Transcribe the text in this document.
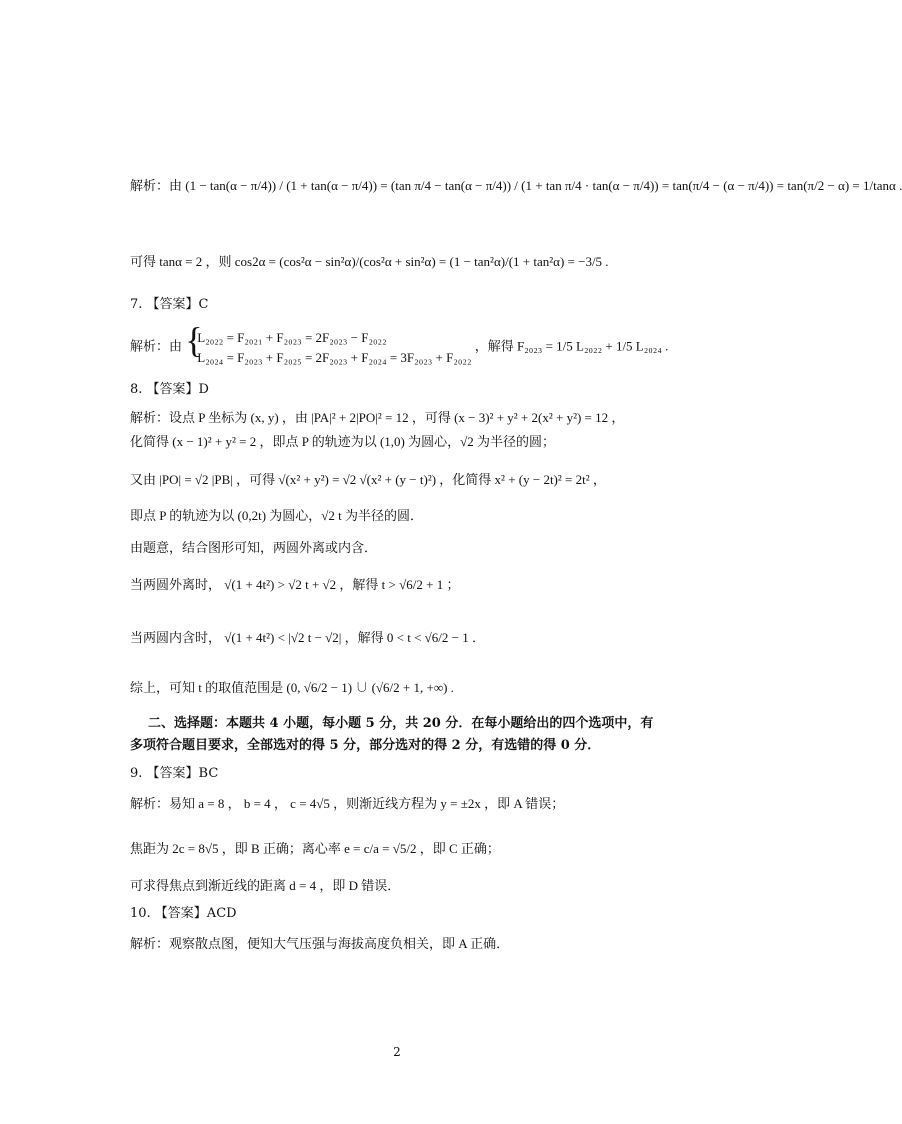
解析：由 (1 − tan(α − π/4)) / (1 + tan(α − π/4)) = (tan π/4 − tan(α − π/4)) / (1 + tan π/4 · tan(α − π/4)) = tan(π/4 − (α − π/4)) = tan(π/2 − α) = 1/tanα .
可得 tanα = 2 ，则 cos2α = (cos²α − sin²α)/(cos²α + sin²α) = (1 − tan²α)/(1 + tan²α) = −3/5 .
7. 【答案】C
解析：由
{ L₂₀₂₂ = F₂₀₂₁ + F₂₀₂₃ = 2F₂₀₂₃ − F₂₀₂₂
L₂₀₂₄ = F₂₀₂₃ + F₂₀₂₅ = 2F₂₀₂₃ + F₂₀₂₄ = 3F₂₀₂₃ + F₂₀₂₂
，解得 F₂₀₂₃ = 1/5 L₂₀₂₂ + 1/5 L₂₀₂₄ .
8. 【答案】D
解析：设点 P 坐标为 (x, y) ，由 |PA|² + 2|PO|² = 12 ，可得 (x − 3)² + y² + 2(x² + y²) = 12 ，
化简得 (x − 1)² + y² = 2 ，即点 P 的轨迹为以 (1,0) 为圆心，√2 为半径的圆；
又由 |PO| = √2 |PB| ，可得 √(x² + y²) = √2 √(x² + (y − t)²) ，化简得 x² + (y − 2t)² = 2t² ，
即点 P 的轨迹为以 (0,2t) 为圆心，√2 t 为半径的圆．
由题意，结合图形可知，两圆外离或内含．
当两圆外离时， √(1 + 4t²) > √2 t + √2 ，解得 t > √6/2 + 1 ；
当两圆内含时， √(1 + 4t²) < |√2 t − √2| ，解得 0 < t < √6/2 − 1 ．
综上，可知 t 的取值范围是 (0, √6/2 − 1) ∪ (√6/2 + 1, +∞) .
二、选择题：本题共 4 小题，每小题 5 分，共 20 分．在每小题给出的四个选项中，有
多项符合题目要求，全部选对的得 5 分，部分选对的得 2 分，有选错的得 0 分．
9. 【答案】BC
解析：易知 a = 8 ， b = 4 ， c = 4√5 ，则渐近线方程为 y = ±2x ，即 A 错误；
焦距为 2c = 8√5 ，即 B 正确；离心率 e = c/a = √5/2 ，即 C 正确；
可求得焦点到渐近线的距离 d = 4 ，即 D 错误．
10. 【答案】ACD
解析：观察散点图，便知大气压强与海拔高度负相关，即 A 正确．
2
